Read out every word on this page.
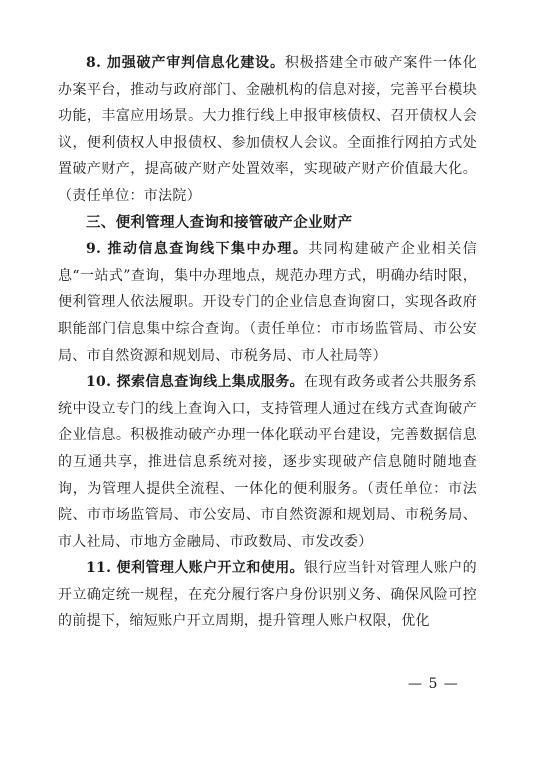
8. 加强破产审判信息化建设。积极搭建全市破产案件一体化办案平台，推动与政府部门、金融机构的信息对接，完善平台模块功能，丰富应用场景。大力推行线上申报审核债权、召开债权人会议，便利债权人申报债权、参加债权人会议。全面推行网拍方式处置破产财产，提高破产财产处置效率，实现破产财产价值最大化。（责任单位：市法院）

三、便利管理人查询和接管破产企业财产

9. 推动信息查询线下集中办理。共同构建破产企业相关信息“一站式”查询，集中办理地点，规范办理方式，明确办结时限，便利管理人依法履职。开设专门的企业信息查询窗口，实现各政府职能部门信息集中综合查询。（责任单位：市市场监管局、市公安局、市自然资源和规划局、市税务局、市人社局等）

10. 探索信息查询线上集成服务。在现有政务或者公共服务系统中设立专门的线上查询入口，支持管理人通过在线方式查询破产企业信息。积极推动破产办理一体化联动平台建设，完善数据信息的互通共享，推进信息系统对接，逐步实现破产信息随时随地查询，为管理人提供全流程、一体化的便利服务。（责任单位：市法院、市市场监管局、市公安局、市自然资源和规划局、市税务局、市人社局、市地方金融局、市政数局、市发改委）

11. 便利管理人账户开立和使用。银行应当针对管理人账户的开立确定统一规程，在充分履行客户身份识别义务、确保风险可控的前提下，缩短账户开立周期，提升管理人账户权限，优化

— 5 —
